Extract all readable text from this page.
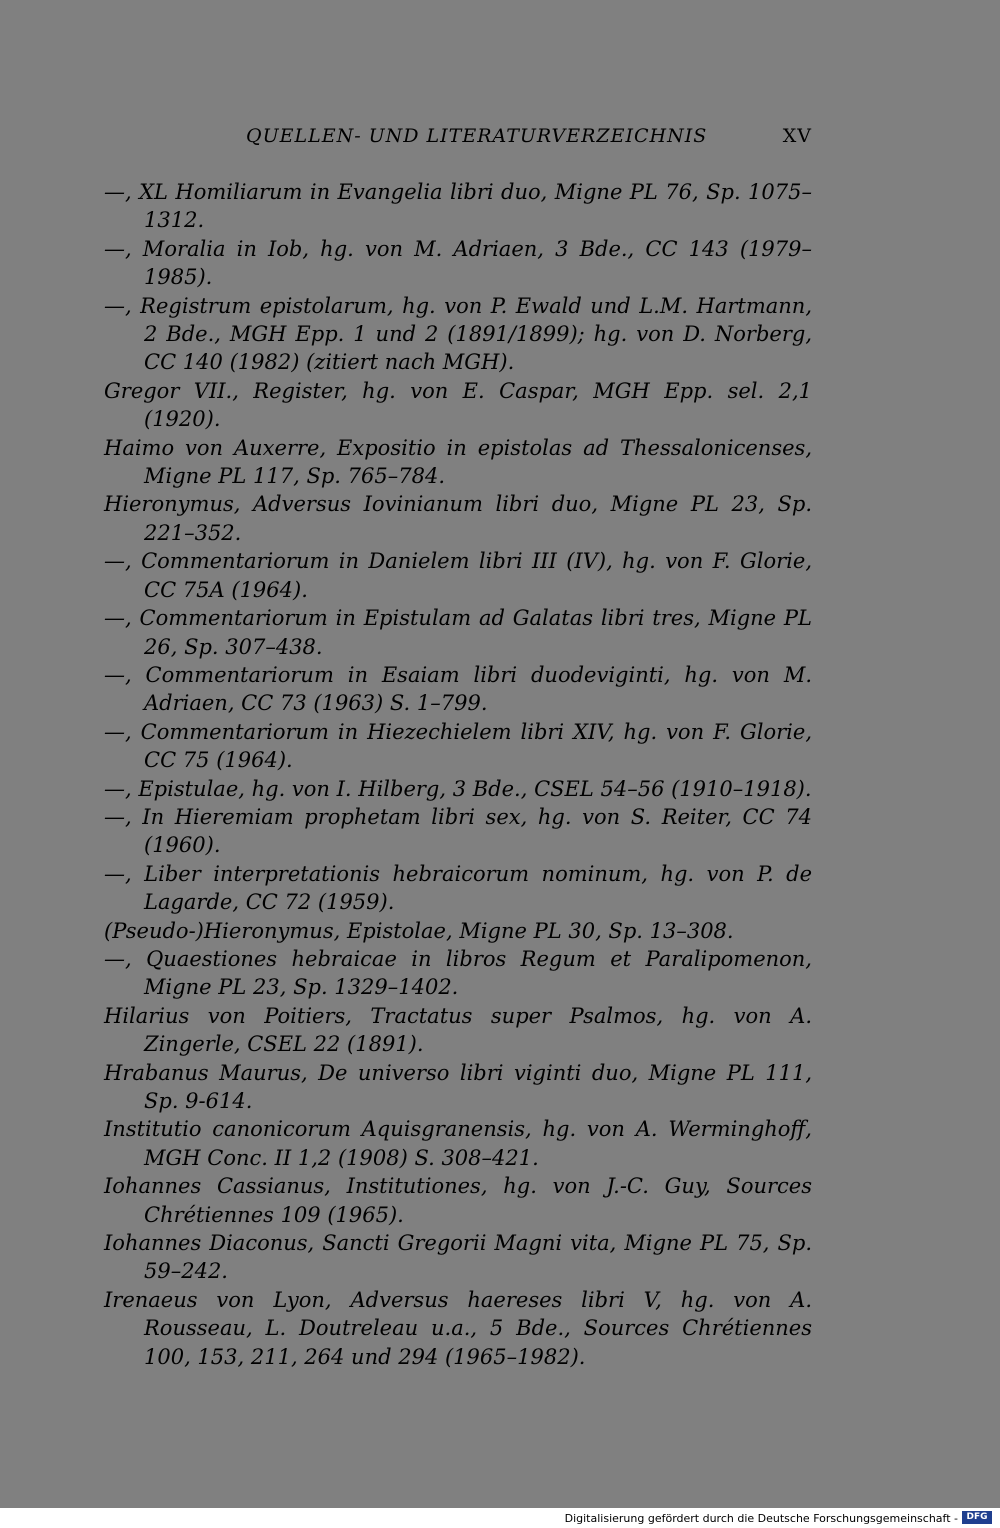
QUELLEN- UND LITERATURVERZEICHNIS	XV

—, XL Homiliarum in Evangelia libri duo, Migne PL 76, Sp. 1075–1312.

—, Moralia in Iob, hg. von M. Adriaen, 3 Bde., CC 143 (1979–1985).

—, Registrum epistolarum, hg. von P. Ewald und L.M. Hartmann, 2 Bde., MGH Epp. 1 und 2 (1891/1899); hg. von D. Norberg, CC 140 (1982) (zitiert nach MGH).

Gregor VII., Register, hg. von E. Caspar, MGH Epp. sel. 2,1 (1920).

Haimo von Auxerre, Expositio in epistolas ad Thessalonicenses, Migne PL 117, Sp. 765–784.

Hieronymus, Adversus Iovinianum libri duo, Migne PL 23, Sp. 221–352.

—, Commentariorum in Danielem libri III (IV), hg. von F. Glorie, CC 75A (1964).

—, Commentariorum in Epistulam ad Galatas libri tres, Migne PL 26, Sp. 307–438.

—, Commentariorum in Esaiam libri duodeviginti, hg. von M. Adriaen, CC 73 (1963) S. 1–799.

—, Commentariorum in Hiezechielem libri XIV, hg. von F. Glorie, CC 75 (1964).

—, Epistulae, hg. von I. Hilberg, 3 Bde., CSEL 54–56 (1910–1918).

—, In Hieremiam prophetam libri sex, hg. von S. Reiter, CC 74 (1960).

—, Liber interpretationis hebraicorum nominum, hg. von P. de Lagarde, CC 72 (1959).

(Pseudo-)Hieronymus, Epistolae, Migne PL 30, Sp. 13–308.

—, Quaestiones hebraicae in libros Regum et Paralipomenon, Migne PL 23, Sp. 1329–1402.

Hilarius von Poitiers, Tractatus super Psalmos, hg. von A. Zingerle, CSEL 22 (1891).

Hrabanus Maurus, De universo libri viginti duo, Migne PL 111, Sp. 9-614.

Institutio canonicorum Aquisgranensis, hg. von A. Werminghoff, MGH Conc. II 1,2 (1908) S. 308–421.

Iohannes Cassianus, Institutiones, hg. von J.-C. Guy, Sources Chrétiennes 109 (1965).

Iohannes Diaconus, Sancti Gregorii Magni vita, Migne PL 75, Sp. 59–242.

Irenaeus von Lyon, Adversus haereses libri V, hg. von A. Rousseau, L. Doutreleau u.a., 5 Bde., Sources Chrétiennes 100, 153, 211, 264 und 294 (1965–1982).

Digitalisierung gefördert durch die Deutsche Forschungsgemeinschaft - DFG
